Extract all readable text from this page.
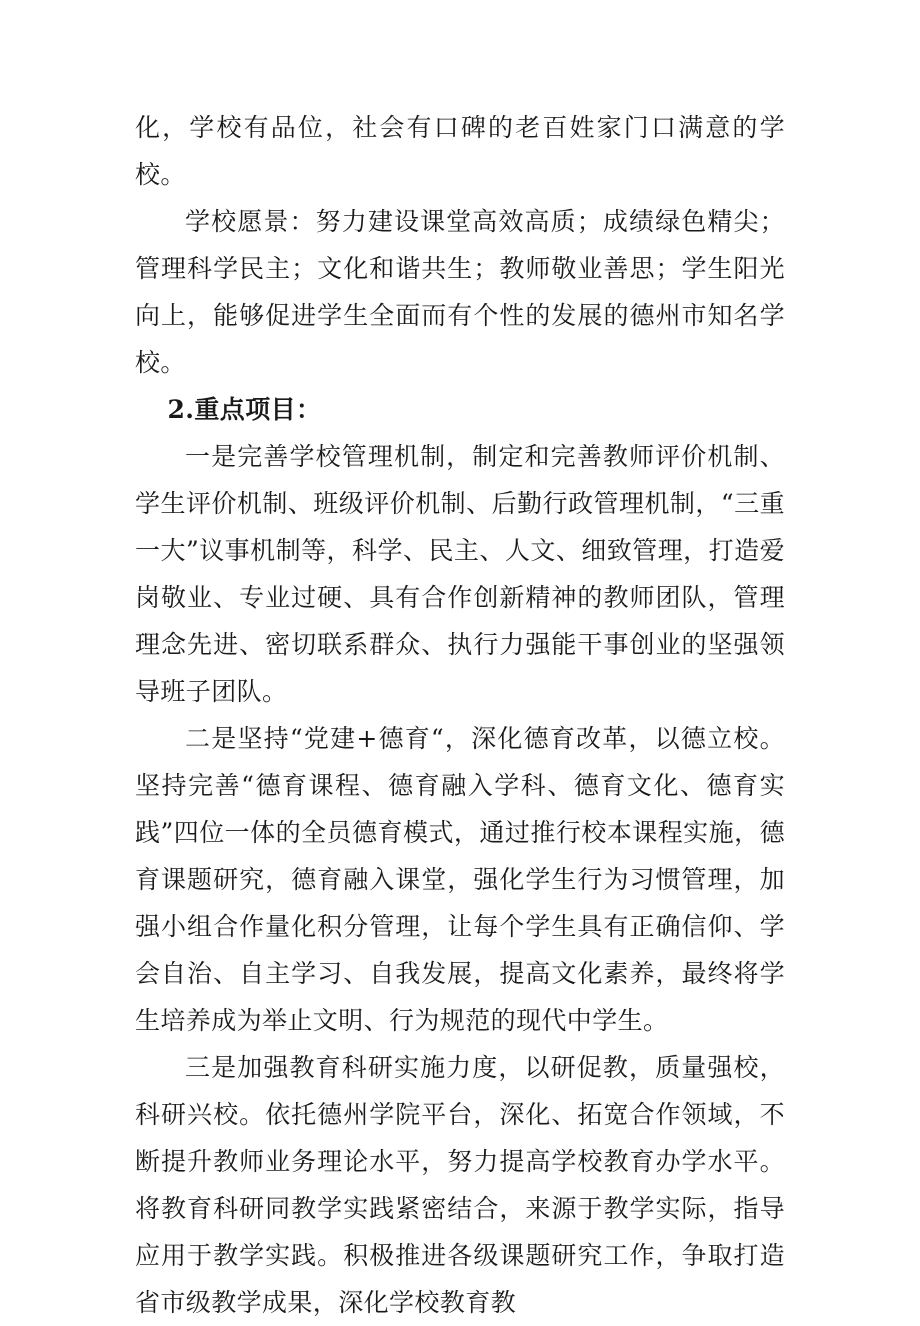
化，学校有品位，社会有口碑的老百姓家门口满意的学校。

学校愿景：努力建设课堂高效高质；成绩绿色精尖；管理科学民主；文化和谐共生；教师敬业善思；学生阳光向上，能够促进学生全面而有个性的发展的德州市知名学校。

2.重点项目：

一是完善学校管理机制，制定和完善教师评价机制、学生评价机制、班级评价机制、后勤行政管理机制，“三重一大”议事机制等，科学、民主、人文、细致管理，打造爱岗敬业、专业过硬、具有合作创新精神的教师团队，管理理念先进、密切联系群众、执行力强能干事创业的坚强领导班子团队。

二是坚持“党建+德育“，深化德育改革，以德立校。坚持完善“德育课程、德育融入学科、德育文化、德育实践”四位一体的全员德育模式，通过推行校本课程实施，德育课题研究，德育融入课堂，强化学生行为习惯管理，加强小组合作量化积分管理，让每个学生具有正确信仰、学会自治、自主学习、自我发展，提高文化素养，最终将学生培养成为举止文明、行为规范的现代中学生。

三是加强教育科研实施力度，以研促教，质量强校，科研兴校。依托德州学院平台，深化、拓宽合作领域，不断提升教师业务理论水平，努力提高学校教育办学水平。将教育科研同教学实践紧密结合，来源于教学实际，指导应用于教学实践。积极推进各级课题研究工作，争取打造省市级教学成果，深化学校教育教
